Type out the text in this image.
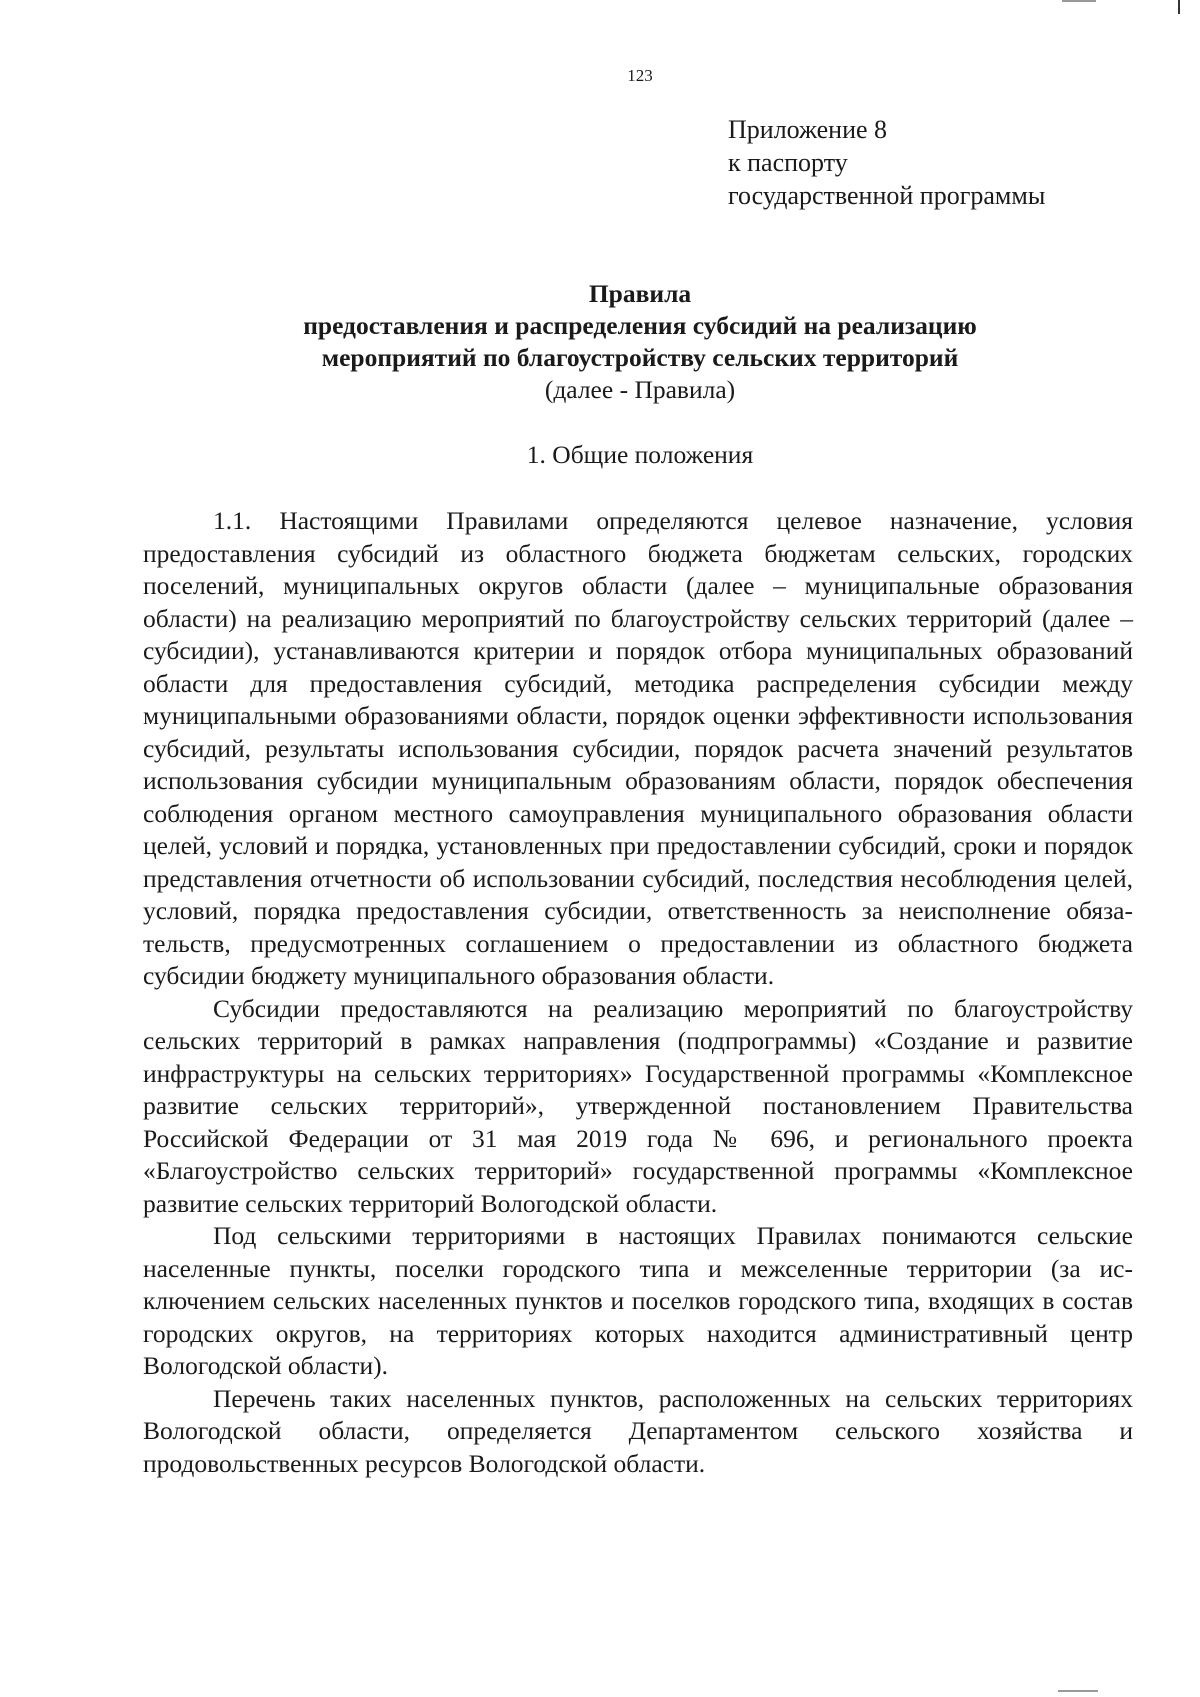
123
Приложение 8
к паспорту
государственной программы
Правила
предоставления и распределения субсидий на реализацию
мероприятий по благоустройству сельских территорий
(далее - Правила)
1. Общие положения

1.1. Настоящими Правилами определяются целевое назначение, условия предоставления субсидий из областного бюджета бюджетам сельских, городских поселений, муниципальных округов области (далее – муниципальные образования области) на реализацию мероприятий по благоустройству сельских территорий (далее – субсидии), устанавливаются критерии и порядок отбора муниципальных образований области для предоставления субсидий, методика распределения субсидии между муниципальными образованиями области, порядок оценки эффективности использования субсидий, результаты использования субсидии, порядок расчета значений результатов использования субсидии муниципальным образованиям области, порядок обеспечения соблюдения органом местного самоуправления муниципального образования области целей, условий и порядка, установленных при предоставлении субсидий, сроки и порядок представления отчетности об использовании субсидий, последствия несоблюдения целей, условий, порядка предоставления субсидии, ответственность за неисполнение обязательств, предусмотренных соглашением о предоставлении из областного бюджета субсидии бюджету муниципального образования области.

Субсидии предоставляются на реализацию мероприятий по благоустройству сельских территорий в рамках направления (подпрограммы) «Создание и развитие инфраструктуры на сельских территориях» Государственной программы «Комплексное развитие сельских территорий», утвержденной постановлением Правительства Российской Федерации от 31 мая 2019 года № 696, и регионального проекта «Благоустройство сельских территорий» государственной программы «Комплексное развитие сельских территорий Вологодской области.

Под сельскими территориями в настоящих Правилах понимаются сельские населенные пункты, поселки городского типа и межселенные территории (за исключением сельских населенных пунктов и поселков городского типа, входящих в состав городских округов, на территориях которых находится административный центр Вологодской области).

Перечень таких населенных пунктов, расположенных на сельских территориях Вологодской области, определяется Департаментом сельского хозяйства и продовольственных ресурсов Вологодской области.
